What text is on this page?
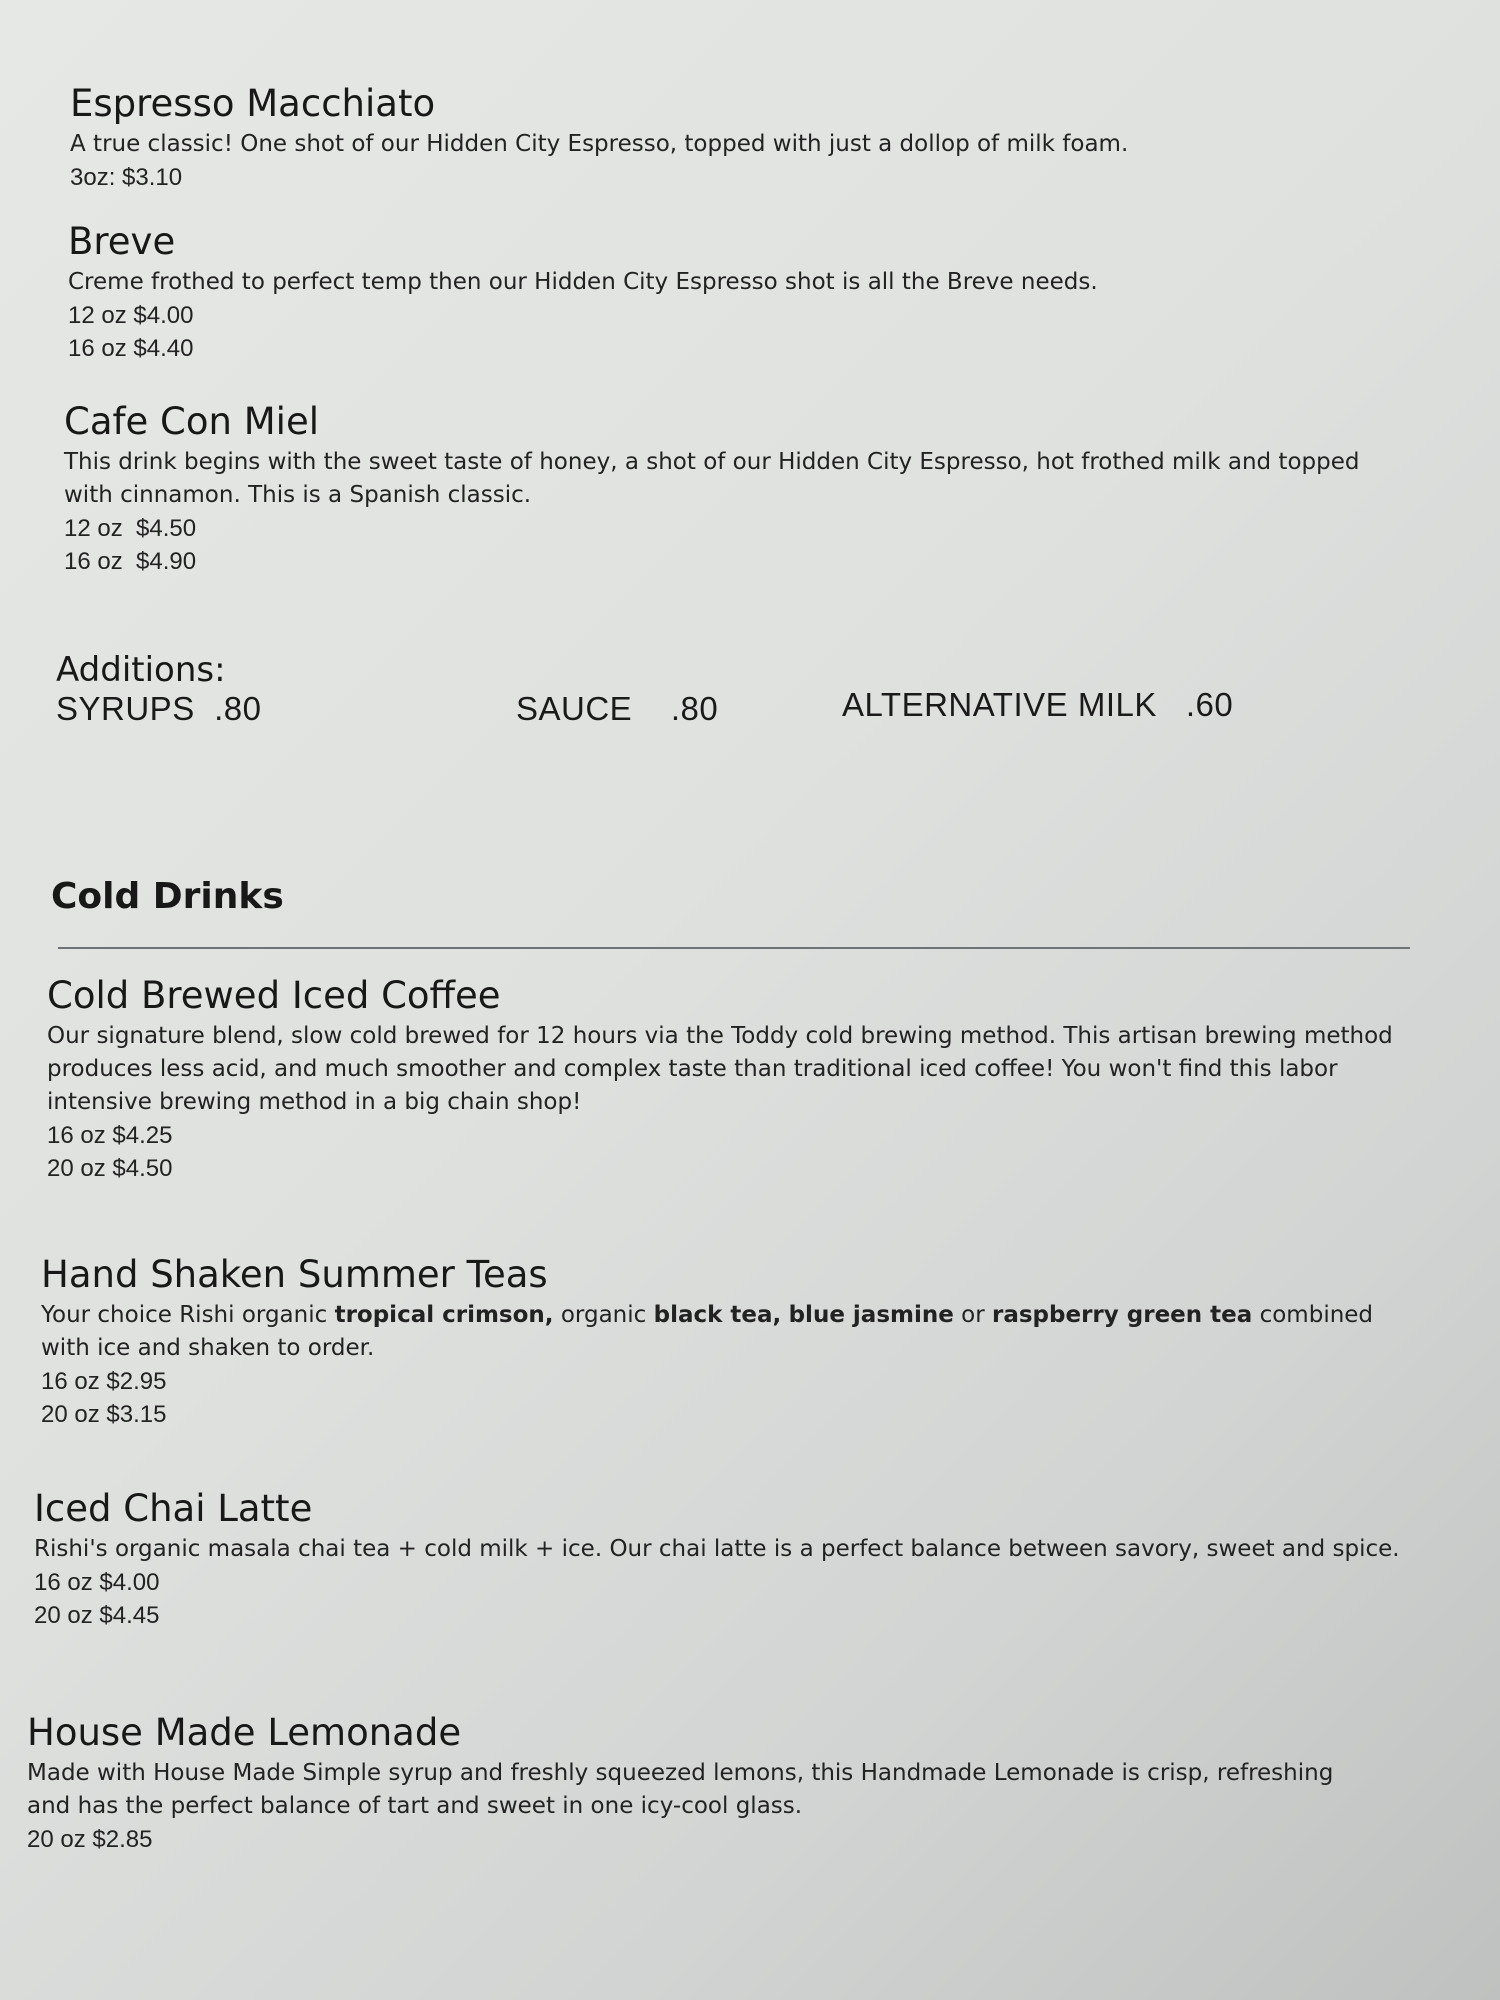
Espresso Macchiato

A true classic! One shot of our Hidden City Espresso, topped with just a dollop of milk foam.

3oz: $3.10
Breve

Creme frothed to perfect temp then our Hidden City Espresso shot is all the Breve needs.

12 oz $4.00
16 oz $4.40
Cafe Con Miel

This drink begins with the sweet taste of honey, a shot of our Hidden City Espresso, hot frothed milk and topped with cinnamon. This is a Spanish classic.

12 oz  $4.50
16 oz  $4.90
Additions:
SYRUPS .80	SAUCE .80	ALTERNATIVE MILK .60
Cold Drinks
Cold Brewed Iced Coffee

Our signature blend, slow cold brewed for 12 hours via the Toddy cold brewing method. This artisan brewing method produces less acid, and much smoother and complex taste than traditional iced coffee! You won't find this labor intensive brewing method in a big chain shop!

16 oz $4.25
20 oz $4.50
Hand Shaken Summer Teas

Your choice Rishi organic tropical crimson, organic black tea, blue jasmine or raspberry green tea combined with ice and shaken to order.

16 oz $2.95
20 oz $3.15
Iced Chai Latte

Rishi's organic masala chai tea + cold milk + ice. Our chai latte is a perfect balance between savory, sweet and spice.

16 oz $4.00
20 oz $4.45
House Made Lemonade

Made with House Made Simple syrup and freshly squeezed lemons, this Handmade Lemonade is crisp, refreshing and has the perfect balance of tart and sweet in one icy-cool glass.

20 oz $2.85
